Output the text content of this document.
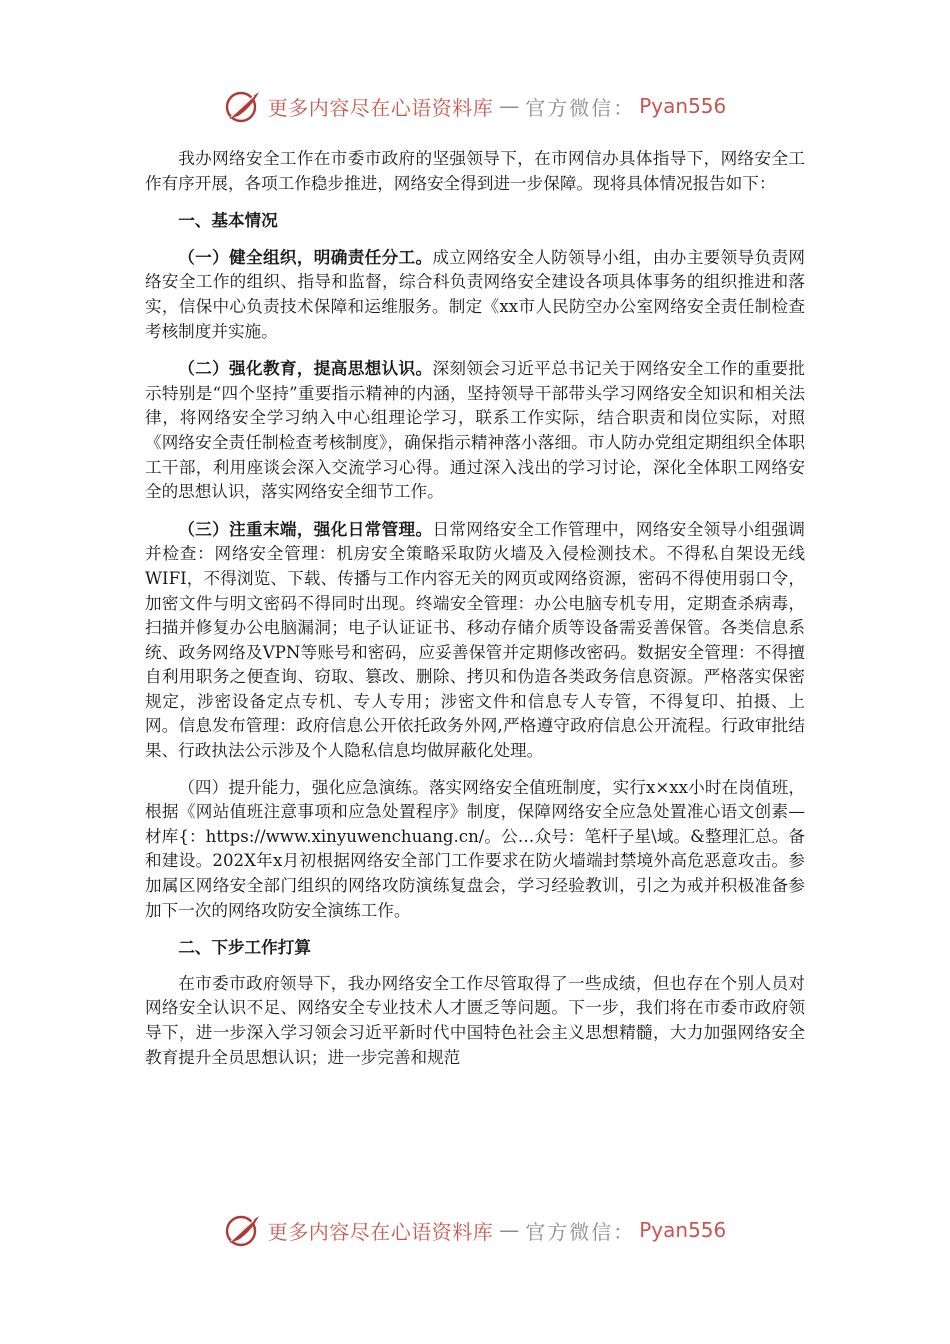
更多内容尽在心语资料库 — 官方微信： Pyan556

我办网络安全工作在市委市政府的坚强领导下，在市网信办具体指导下，网络安全工作有序开展，各项工作稳步推进，网络安全得到进一步保障。现将具体情况报告如下：

一、基本情况

（一）健全组织，明确责任分工。成立网络安全人防领导小组，由办主要领导负责网络安全工作的组织、指导和监督，综合科负责网络安全建设各项具体事务的组织推进和落实，信保中心负责技术保障和运维服务。制定《xx市人民防空办公室网络安全责任制检查考核制度并实施。

（二）强化教育，提高思想认识。深刻领会习近平总书记关于网络安全工作的重要批示特别是“四个坚持”重要指示精神的内涵，坚持领导干部带头学习网络安全知识和相关法律，将网络安全学习纳入中心组理论学习，联系工作实际，结合职责和岗位实际，对照《网络安全责任制检查考核制度》，确保指示精神落小落细。市人防办党组定期组织全体职工干部，利用座谈会深入交流学习心得。通过深入浅出的学习讨论，深化全体职工网络安全的思想认识，落实网络安全细节工作。

（三）注重末端，强化日常管理。日常网络安全工作管理中，网络安全领导小组强调并检查：网络安全管理：机房安全策略采取防火墙及入侵检测技术。不得私自架设无线WIFI，不得浏览、下载、传播与工作内容无关的网页或网络资源，密码不得使用弱口令，加密文件与明文密码不得同时出现。终端安全管理：办公电脑专机专用，定期查杀病毒，扫描并修复办公电脑漏洞；电子认证证书、移动存储介质等设备需妥善保管。各类信息系统、政务网络及VPN等账号和密码，应妥善保管并定期修改密码。数据安全管理：不得擅自利用职务之便查询、窃取、篡改、删除、拷贝和伪造各类政务信息资源。严格落实保密规定，涉密设备定点专机、专人专用；涉密文件和信息专人专管，不得复印、拍摄、上网。信息发布管理：政府信息公开依托政务外网,严格遵守政府信息公开流程。行政审批结果、行政执法公示涉及个人隐私信息均做屏蔽化处理。

（四）提升能力，强化应急演练。落实网络安全值班制度，实行x×xx小时在岗值班，根据《网站值班注意事项和应急处置程序》制度，保障网络安全应急处置准心语文创素—材库{：https://www.xinyuwenchuang.cn/。公…众号：笔杆子星\域。&整理汇总。备和建设。202X年x月初根据网络安全部门工作要求在防火墙端封禁境外高危恶意攻击。参加属区网络安全部门组织的网络攻防演练复盘会，学习经验教训，引之为戒并积极准备参加下一次的网络攻防安全演练工作。

二、下步工作打算

在市委市政府领导下，我办网络安全工作尽管取得了一些成绩，但也存在个别人员对网络安全认识不足、网络安全专业技术人才匮乏等问题。下一步，我们将在市委市政府领导下，进一步深入学习领会习近平新时代中国特色社会主义思想精髓，大力加强网络安全教育提升全员思想认识；进一步完善和规范

更多内容尽在心语资料库 — 官方微信： Pyan556
